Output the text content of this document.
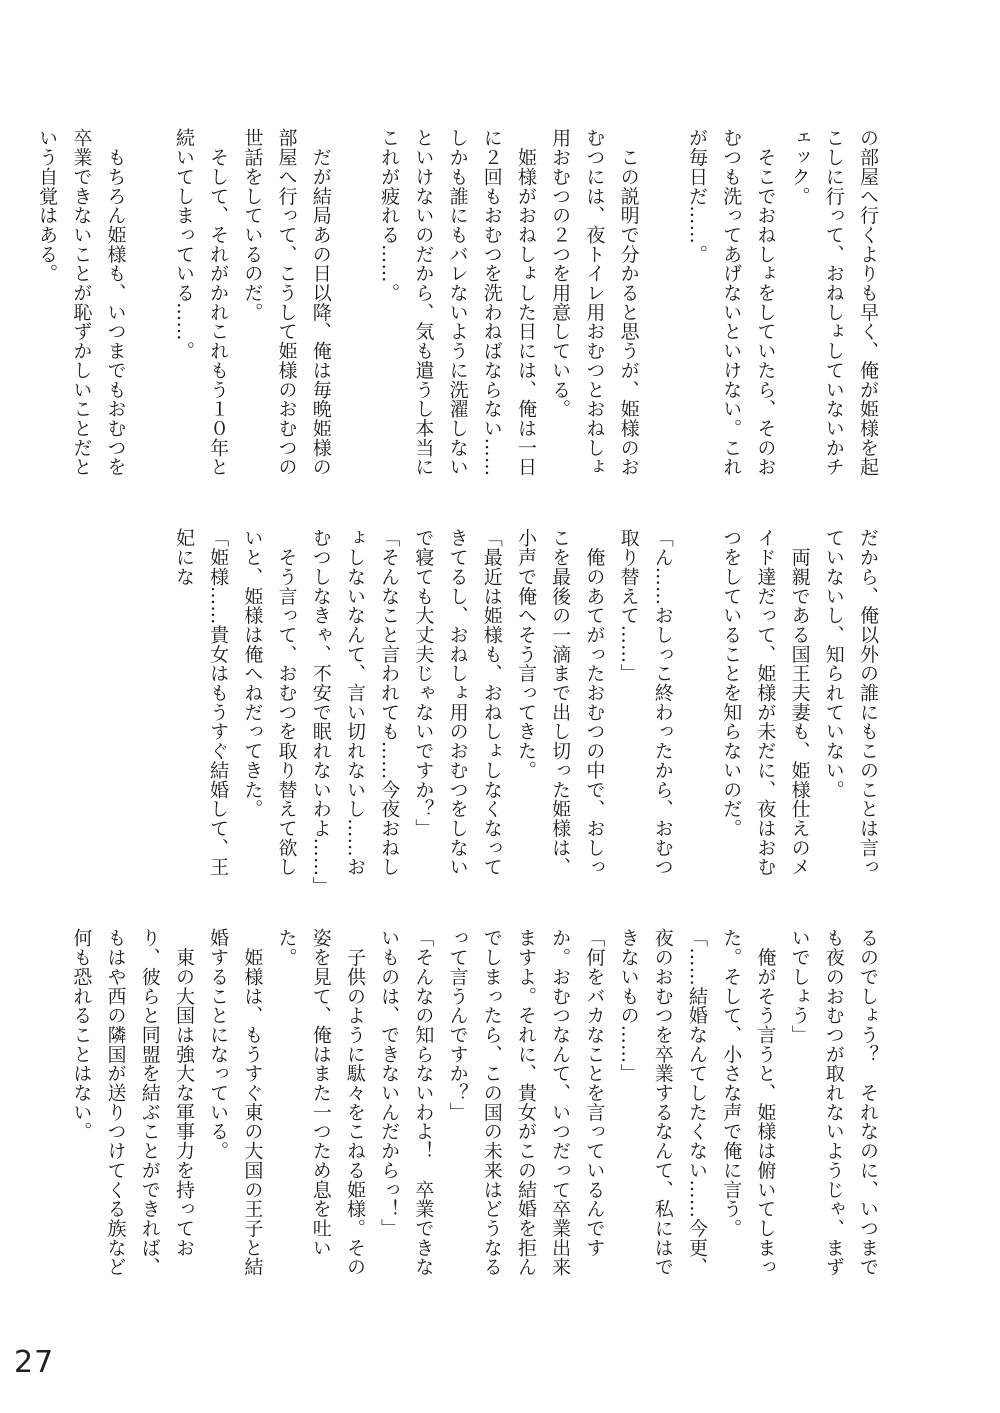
の部屋へ行くよりも早く、俺が姫様を起こしに行って、おねしょしていないかチェック。

　そこでおねしょをしていたら、そのおむつも洗ってあげないといけない。これが毎日だ……。

　この説明で分かると思うが、姫様のおむつには、夜トイレ用おむつとおねしょ用おむつの２つを用意している。

　姫様がおねしょした日には、俺は一日に２回もおむつを洗わねばならない……しかも誰にもバレないように洗濯しないといけないのだから、気も遣うし本当にこれが疲れる……。

　だが結局あの日以降、俺は毎晩姫様の部屋へ行って、こうして姫様のおむつの世話をしているのだ。

　そして、それがかれこれもう１０年と続いてしまっている……。

　もちろん姫様も、いつまでもおむつを卒業できないことが恥ずかしいことだという自覚はある。

だから、俺以外の誰にもこのことは言っていないし、知られていない。

　両親である国王夫妻も、姫様仕えのメイド達だって、姫様が未だに、夜はおむつをしていることを知らないのだ。

「ん……おしっこ終わったから、おむつ取り替えて……」

　俺のあてがったおむつの中で、おしっこを最後の一滴まで出し切った姫様は、小声で俺へそう言ってきた。

「最近は姫様も、おねしょしなくなってきてるし、おねしょ用のおむつをしないで寝ても大丈夫じゃないですか？」

「そんなこと言われても……今夜おねしょしないなんて、言い切れないし……おむつしなきゃ、不安で眠れないわよ……」

　そう言って、おむつを取り替えて欲しいと、姫様は俺へねだってきた。

「姫様……貴女はもうすぐ結婚して、王妃にな

るのでしょう？　それなのに、いつまでも夜のおむつが取れないようじゃ、まずいでしょう」

　俺がそう言うと、姫様は俯いてしまった。そして、小さな声で俺に言う。

「……結婚なんてしたくない……今更、夜のおむつを卒業するなんて、私にはできないもの……」

「何をバカなことを言っているんですか。おむつなんて、いつだって卒業出来ますよ。それに、貴女がこの結婚を拒んでしまったら、この国の未来はどうなるって言うんですか？」

「そんなの知らないわよ！　卒業できないものは、できないんだからっ！」

　子供のように駄々をこねる姫様。その姿を見て、俺はまた一つため息を吐いた。

　姫様は、もうすぐ東の大国の王子と結婚することになっている。

　東の大国は強大な軍事力を持っており、彼らと同盟を結ぶことができれば、もはや西の隣国が送りつけてくる族など何も恐れることはない。

27
